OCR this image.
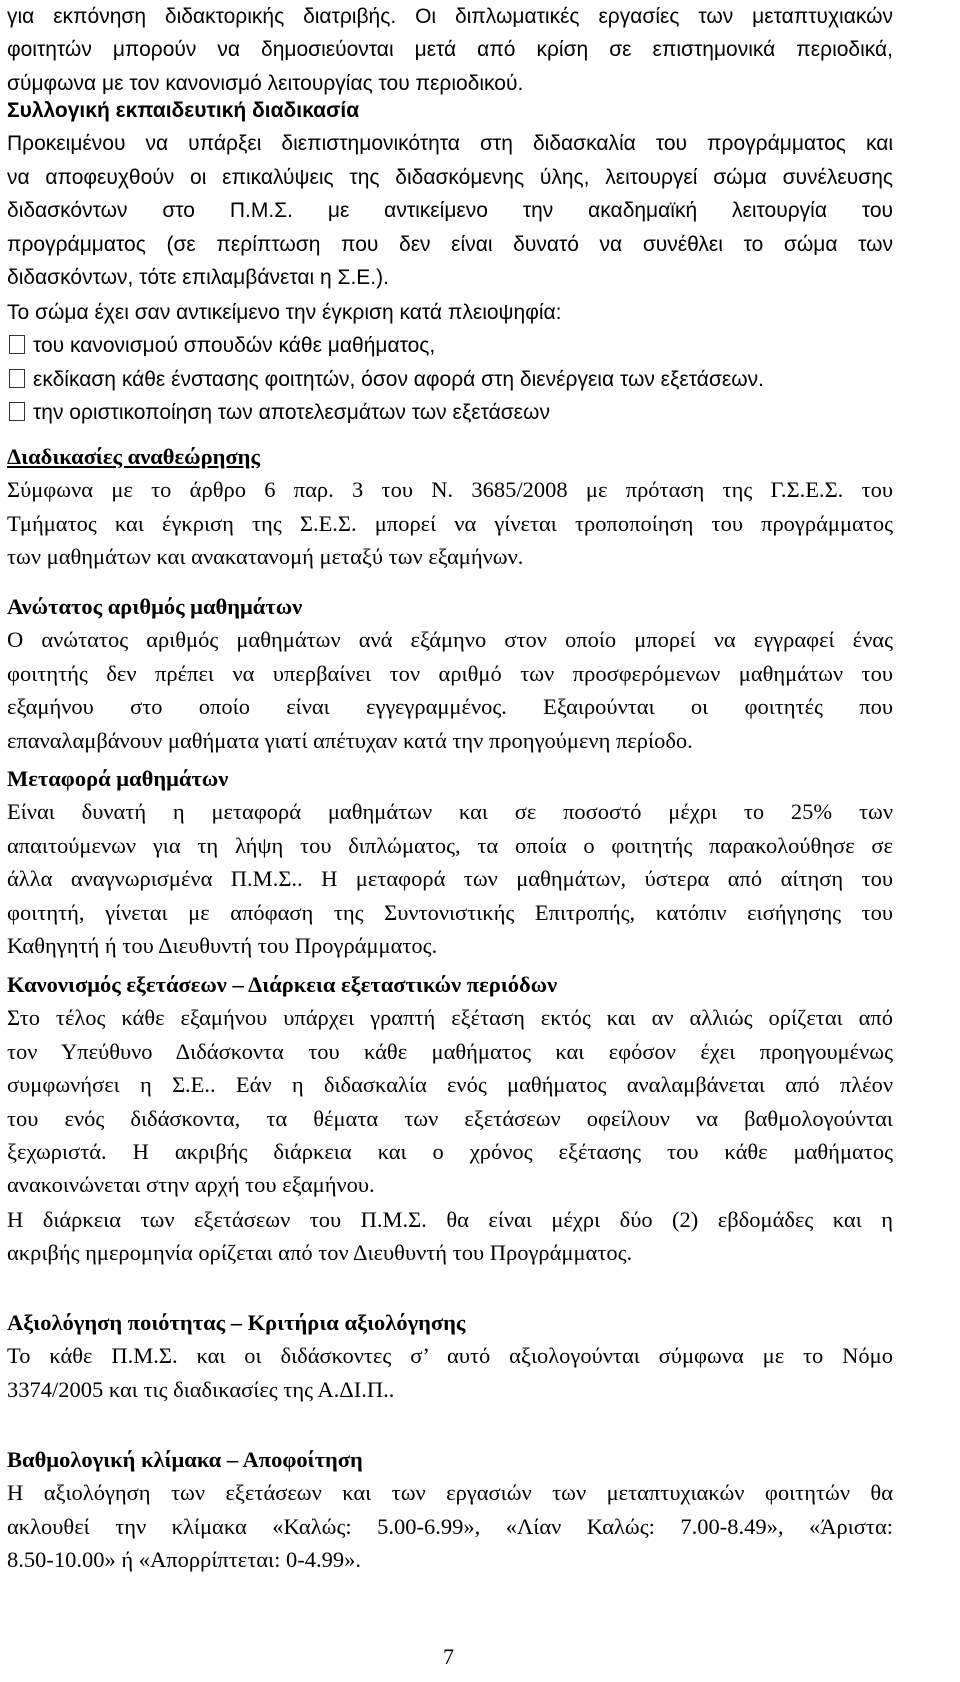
για εκπόνηση διδακτορικής διατριβής. Οι διπλωματικές εργασίες των μεταπτυχιακών
φοιτητών μπορούν να δημοσιεύονται μετά από κρίση σε επιστημονικά περιοδικά,
σύμφωνα με τον κανονισμό λειτουργίας του περιοδικού.
Συλλογική εκπαιδευτική διαδικασία
Προκειμένου να υπάρξει διεπιστημονικότητα στη διδασκαλία του προγράμματος και
να αποφευχθούν οι επικαλύψεις της διδασκόμενης ύλης, λειτουργεί σώμα συνέλευσης
διδασκόντων στο Π.Μ.Σ. με αντικείμενο την ακαδημαϊκή λειτουργία του
προγράμματος (σε περίπτωση που δεν είναι δυνατό να συνέθλει το σώμα των
διδασκόντων, τότε επιλαμβάνεται η Σ.Ε.).
Το σώμα έχει σαν αντικείμενο την έγκριση κατά πλειοψηφία:
του κανονισμού σπουδών κάθε μαθήματος,
εκδίκαση κάθε ένστασης φοιτητών, όσον αφορά στη διενέργεια των εξετάσεων.
την οριστικοποίηση των αποτελεσμάτων των εξετάσεων
Διαδικασίες αναθεώρησης
Σύμφωνα με το άρθρο 6 παρ. 3 του Ν. 3685/2008 με πρόταση της Γ.Σ.Ε.Σ. του
Τμήματος και έγκριση της Σ.Ε.Σ. μπορεί να γίνεται τροποποίηση του προγράμματος
των μαθημάτων και ανακατανομή μεταξύ των εξαμήνων.
Ανώτατος αριθμός μαθημάτων
Ο ανώτατος αριθμός μαθημάτων ανά εξάμηνο στον οποίο μπορεί να εγγραφεί ένας
φοιτητής δεν πρέπει να υπερβαίνει τον αριθμό των προσφερόμενων μαθημάτων του
εξαμήνου στο οποίο είναι εγγεγραμμένος. Εξαιρούνται οι φοιτητές που
επαναλαμβάνουν μαθήματα γιατί απέτυχαν κατά την προηγούμενη περίοδο.
Μεταφορά μαθημάτων
Είναι δυνατή η μεταφορά μαθημάτων και σε ποσοστό μέχρι το 25% των
απαιτούμενων για τη λήψη του διπλώματος, τα οποία ο φοιτητής παρακολούθησε σε
άλλα αναγνωρισμένα Π.Μ.Σ.. Η μεταφορά των μαθημάτων, ύστερα από αίτηση του
φοιτητή, γίνεται με απόφαση της Συντονιστικής Επιτροπής, κατόπιν εισήγησης του
Καθηγητή ή του Διευθυντή του Προγράμματος.
Κανονισμός εξετάσεων – Διάρκεια εξεταστικών περιόδων
Στο τέλος κάθε εξαμήνου υπάρχει γραπτή εξέταση εκτός και αν αλλιώς ορίζεται από
τον Υπεύθυνο Διδάσκοντα του κάθε μαθήματος και εφόσον έχει προηγουμένως
συμφωνήσει η Σ.Ε.. Εάν η διδασκαλία ενός μαθήματος αναλαμβάνεται από πλέον
του ενός διδάσκοντα, τα θέματα των εξετάσεων οφείλουν να βαθμολογούνται
ξεχωριστά. Η ακριβής διάρκεια και ο χρόνος εξέτασης του κάθε μαθήματος
ανακοινώνεται στην αρχή του εξαμήνου.
Η διάρκεια των εξετάσεων του Π.Μ.Σ. θα είναι μέχρι δύο (2) εβδομάδες και η
ακριβής ημερομηνία ορίζεται από τον Διευθυντή του Προγράμματος.
Αξιολόγηση ποιότητας – Κριτήρια αξιολόγησης
Το κάθε Π.Μ.Σ. και οι διδάσκοντες σ’ αυτό αξιολογούνται σύμφωνα με το Νόμο
3374/2005 και τις διαδικασίες της Α.ΔΙ.Π..
Βαθμολογική κλίμακα – Αποφοίτηση
Η αξιολόγηση των εξετάσεων και των εργασιών των μεταπτυχιακών φοιτητών θα
ακλουθεί την κλίμακα «Καλώς: 5.00-6.99», «Λίαν Καλώς: 7.00-8.49», «Άριστα:
8.50-10.00» ή «Απορρίπτεται: 0-4.99».
7
